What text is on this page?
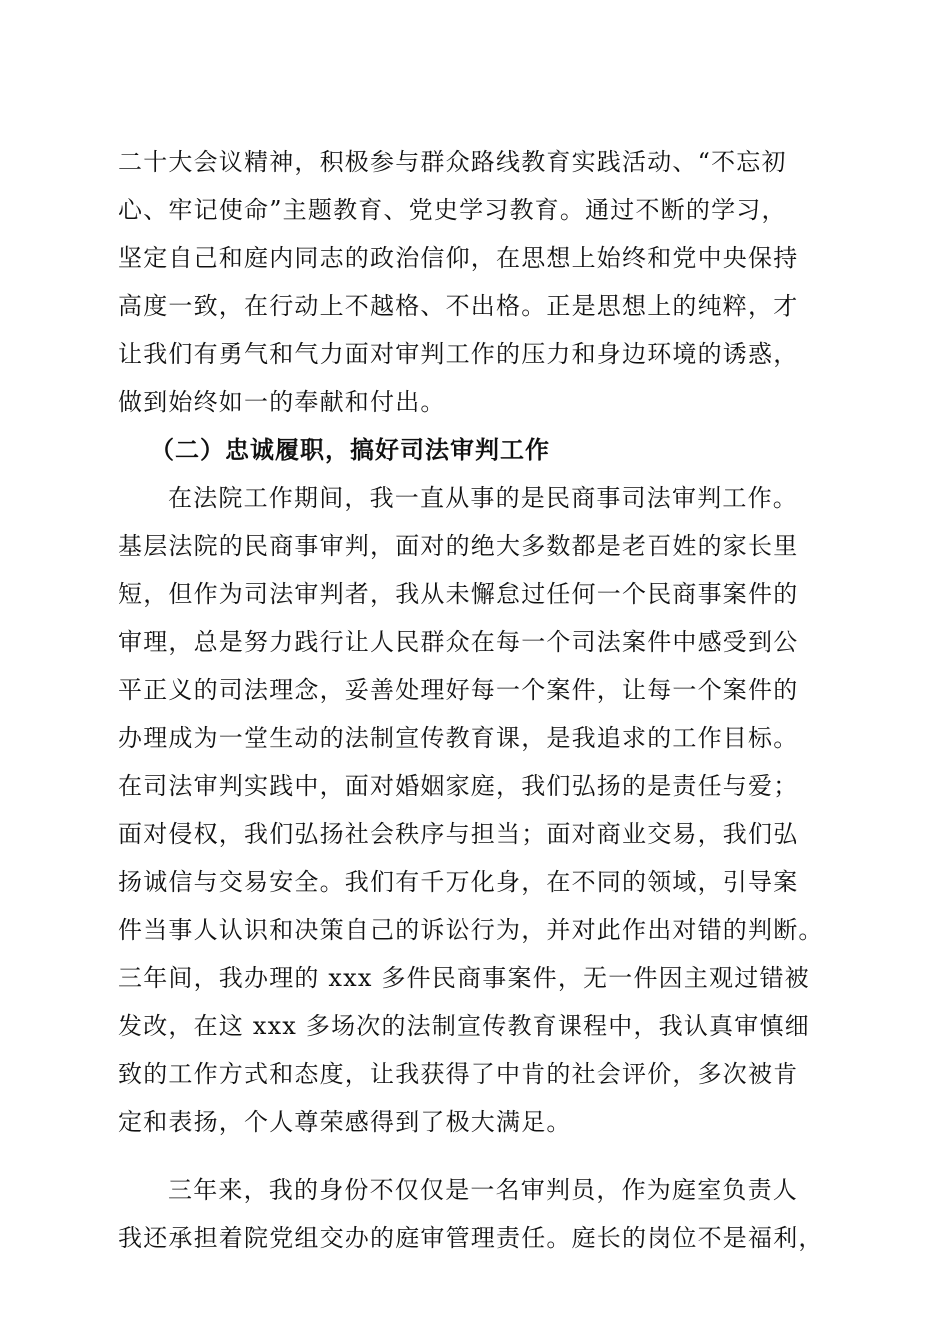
二十大会议精神，积极参与群众路线教育实践活动、“不忘初
心、牢记使命”主题教育、党史学习教育。通过不断的学习，
坚定自己和庭内同志的政治信仰，在思想上始终和党中央保持
高度一致，在行动上不越格、不出格。正是思想上的纯粹，才
让我们有勇气和气力面对审判工作的压力和身边环境的诱惑，
做到始终如一的奉献和付出。
（二）忠诚履职，搞好司法审判工作
在法院工作期间，我一直从事的是民商事司法审判工作。
基层法院的民商事审判，面对的绝大多数都是老百姓的家长里
短，但作为司法审判者，我从未懈怠过任何一个民商事案件的
审理，总是努力践行让人民群众在每一个司法案件中感受到公
平正义的司法理念，妥善处理好每一个案件，让每一个案件的
办理成为一堂生动的法制宣传教育课，是我追求的工作目标。
在司法审判实践中，面对婚姻家庭，我们弘扬的是责任与爱；
面对侵权，我们弘扬社会秩序与担当；面对商业交易，我们弘
扬诚信与交易安全。我们有千万化身，在不同的领域，引导案
件当事人认识和决策自己的诉讼行为，并对此作出对错的判断。
三年间，我办理的 xxx 多件民商事案件，无一件因主观过错被
发改，在这 xxx 多场次的法制宣传教育课程中，我认真审慎细
致的工作方式和态度，让我获得了中肯的社会评价，多次被肯
定和表扬，个人尊荣感得到了极大满足。
三年来，我的身份不仅仅是一名审判员，作为庭室负责人
我还承担着院党组交办的庭审管理责任。庭长的岗位不是福利，
